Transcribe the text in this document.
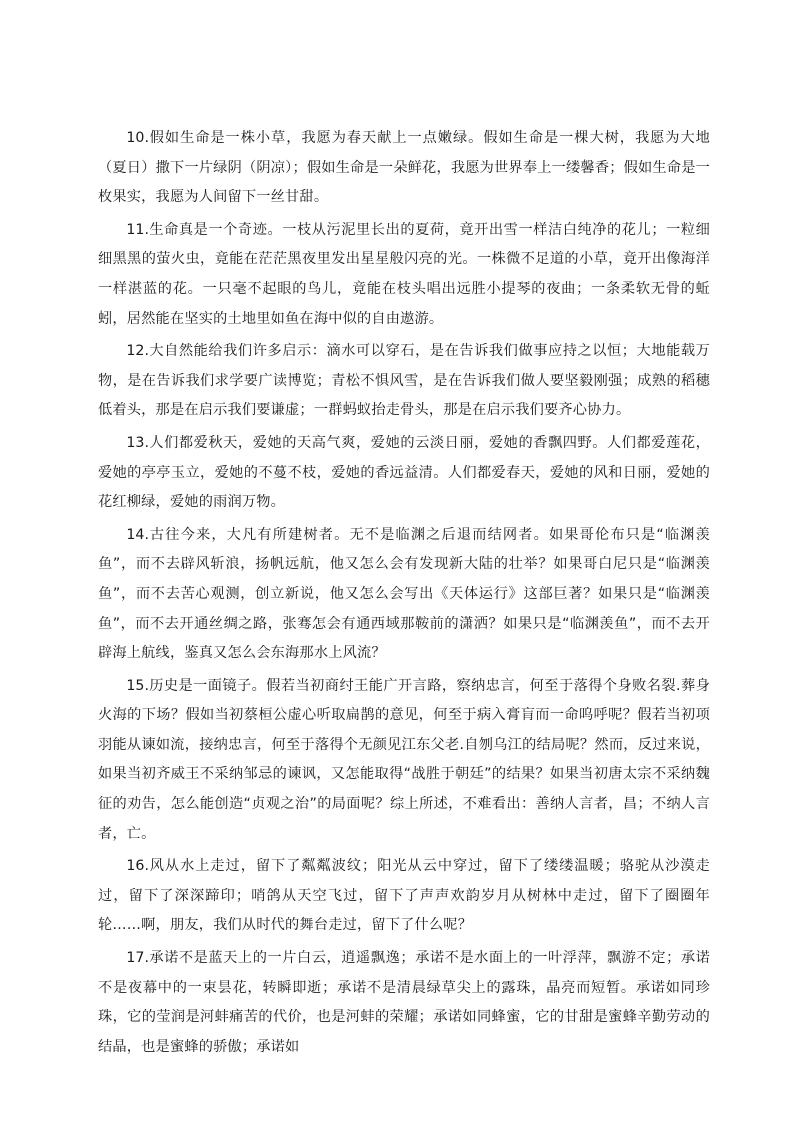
10.假如生命是一株小草，我愿为春天献上一点嫩绿。假如生命是一棵大树，我愿为大地（夏日）撒下一片绿阴（阴凉）；假如生命是一朵鲜花，我愿为世界奉上一缕馨香；假如生命是一枚果实，我愿为人间留下一丝甘甜。

11.生命真是一个奇迹。一枝从污泥里长出的夏荷，竟开出雪一样洁白纯净的花儿；一粒细细黑黑的萤火虫，竟能在茫茫黑夜里发出星星般闪亮的光。一株微不足道的小草，竟开出像海洋一样湛蓝的花。一只毫不起眼的鸟儿，竟能在枝头唱出远胜小提琴的夜曲；一条柔软无骨的蚯蚓，居然能在坚实的土地里如鱼在海中似的自由遨游。

12.大自然能给我们许多启示：滴水可以穿石，是在告诉我们做事应持之以恒；大地能载万物，是在告诉我们求学要广读博览；青松不惧风雪，是在告诉我们做人要坚毅刚强；成熟的稻穗低着头，那是在启示我们要谦虚；一群蚂蚁抬走骨头，那是在启示我们要齐心协力。

13.人们都爱秋天，爱她的天高气爽，爱她的云淡日丽，爱她的香飘四野。人们都爱莲花，爱她的亭亭玉立，爱她的不蔓不枝，爱她的香远益清。人们都爱春天，爱她的风和日丽，爱她的花红柳绿，爱她的雨润万物。

14.古往今来，大凡有所建树者。无不是临渊之后退而结网者。如果哥伦布只是“临渊羡鱼”，而不去辟风斩浪，扬帆远航，他又怎么会有发现新大陆的壮举？如果哥白尼只是“临渊羡鱼”，而不去苦心观测，创立新说，他又怎么会写出《天体运行》这部巨著？如果只是“临渊羡鱼”，而不去开通丝绸之路，张骞怎会有通西域那鞍前的潇洒？如果只是“临渊羡鱼”，而不去开辟海上航线，鉴真又怎么会东海那水上风流？

15.历史是一面镜子。假若当初商纣王能广开言路，察纳忠言，何至于落得个身败名裂.葬身火海的下场？假如当初蔡桓公虚心听取扁鹊的意见，何至于病入膏肓而一命呜呼呢？假若当初项羽能从谏如流，接纳忠言，何至于落得个无颜见江东父老.自刎乌江的结局呢？然而，反过来说，如果当初齐威王不采纳邹忌的谏讽，又怎能取得“战胜于朝廷”的结果？如果当初唐太宗不采纳魏征的劝告，怎么能创造“贞观之治”的局面呢？综上所述，不难看出：善纳人言者，昌；不纳人言者，亡。

16.风从水上走过，留下了粼粼波纹；阳光从云中穿过，留下了缕缕温暖；骆驼从沙漠走过，留下了深深蹄印；哨鸽从天空飞过，留下了声声欢韵岁月从树林中走过，留下了圈圈年轮……啊，朋友，我们从时代的舞台走过，留下了什么呢？

17.承诺不是蓝天上的一片白云，逍遥飘逸；承诺不是水面上的一叶浮萍，飘游不定；承诺不是夜幕中的一束昙花，转瞬即逝；承诺不是清晨绿草尖上的露珠，晶亮而短暂。承诺如同珍珠，它的莹润是河蚌痛苦的代价，也是河蚌的荣耀；承诺如同蜂蜜，它的甘甜是蜜蜂辛勤劳动的结晶，也是蜜蜂的骄傲；承诺如
